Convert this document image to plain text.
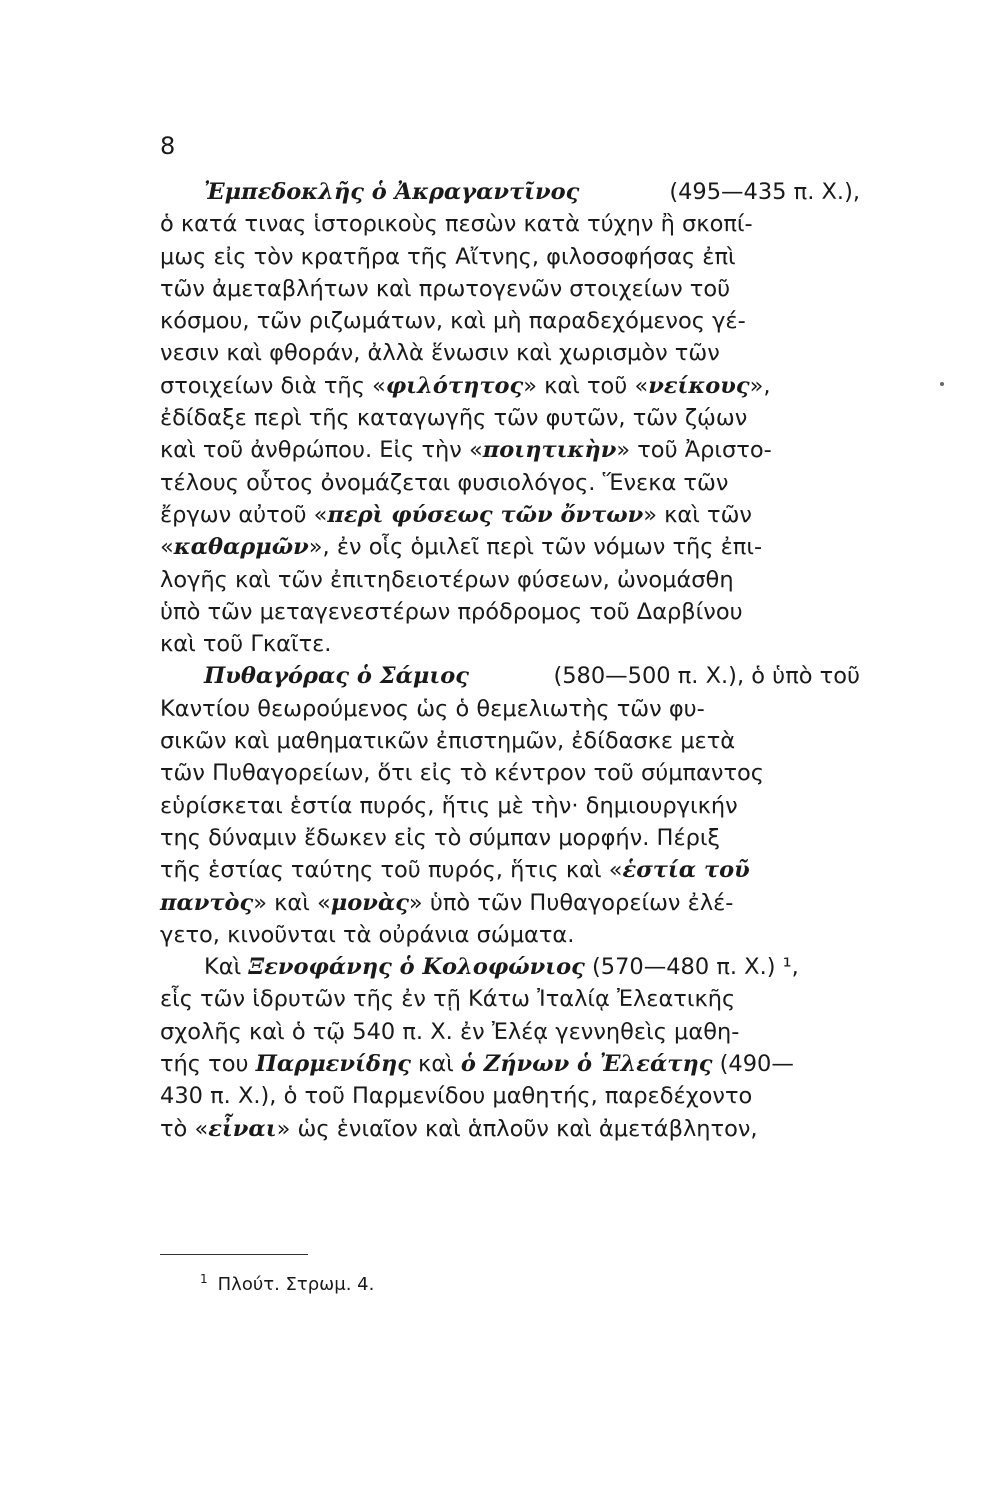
8
Ἐμπεδοκλῆς ὁ Ἀκραγαντῖνος	(495—435 π. Χ.),
ὁ κατά τινας ἱστορικοὺς πεσὼν κατὰ τύχην ἢ σκοπί-
μως εἰς τὸν κρατῆρα τῆς Αἴτνης, φιλοσοφήσας ἐπὶ
τῶν ἀμεταβλήτων καὶ πρωτογενῶν στοιχείων τοῦ
κόσμου, τῶν ριζωμάτων, καὶ μὴ παραδεχόμενος γέ-
νεσιν καὶ φθοράν, ἀλλὰ ἕνωσιν καὶ χωρισμὸν τῶν
στοιχείων διὰ τῆς «φιλότητος» καὶ τοῦ «νείκους»,
ἐδίδαξε περὶ τῆς καταγωγῆς τῶν φυτῶν, τῶν ζῴων
καὶ τοῦ ἀνθρώπου. Εἰς τὴν «ποιητικὴν» τοῦ Ἀριστο-
τέλους οὗτος ὀνομάζεται φυσιολόγος. Ἕνεκα τῶν
ἔργων αὐτοῦ «περὶ φύσεως τῶν ὄντων» καὶ τῶν
«καθαρμῶν», ἐν οἷς ὁμιλεῖ περὶ τῶν νόμων τῆς ἐπι-
λογῆς καὶ τῶν ἐπιτηδειοτέρων φύσεων, ὠνομάσθη
ὑπὸ τῶν μεταγενεστέρων πρόδρομος τοῦ Δαρβίνου
καὶ τοῦ Γκαῖτε.
Πυθαγόρας ὁ Σάμιος	(580—500 π. Χ.), ὁ ὑπὸ τοῦ
Καντίου θεωρούμενος ὡς ὁ θεμελιωτὴς τῶν φυ-
σικῶν καὶ μαθηματικῶν ἐπιστημῶν, ἐδίδασκε μετὰ
τῶν Πυθαγορείων, ὅτι εἰς τὸ κέντρον τοῦ σύμπαντος
εὑρίσκεται ἑστία πυρός, ἥτις μὲ τὴν· δημιουργικήν
της δύναμιν ἔδωκεν εἰς τὸ σύμπαν μορφήν. Πέριξ
τῆς ἑστίας ταύτης τοῦ πυρός, ἥτις καὶ «ἑστία τοῦ
παντὸς» καὶ «μονὰς» ὑπὸ τῶν Πυθαγορείων ἐλέ-
γετο, κινοῦνται τὰ οὐράνια σώματα.
Καὶ Ξενοφάνης ὁ Κολοφώνιος (570—480 π. Χ.) ¹,
εἷς τῶν ἱδρυτῶν τῆς ἐν τῇ Κάτω Ἰταλίᾳ Ἐλεατικῆς
σχολῆς καὶ ὁ τῷ 540 π. Χ. ἐν Ἐλέᾳ γεννηθεὶς μαθη-
τής του Παρμενίδης καὶ ὁ Ζήνων ὁ Ἐλεάτης (490—
430 π. Χ.), ὁ τοῦ Παρμενίδου μαθητής, παρεδέχοντο
τὸ «εἶναι» ὡς ἑνιαῖον καὶ ἁπλοῦν καὶ ἀμετάβλητον,
$^1$ Πλούτ. Στρωμ. 4.
